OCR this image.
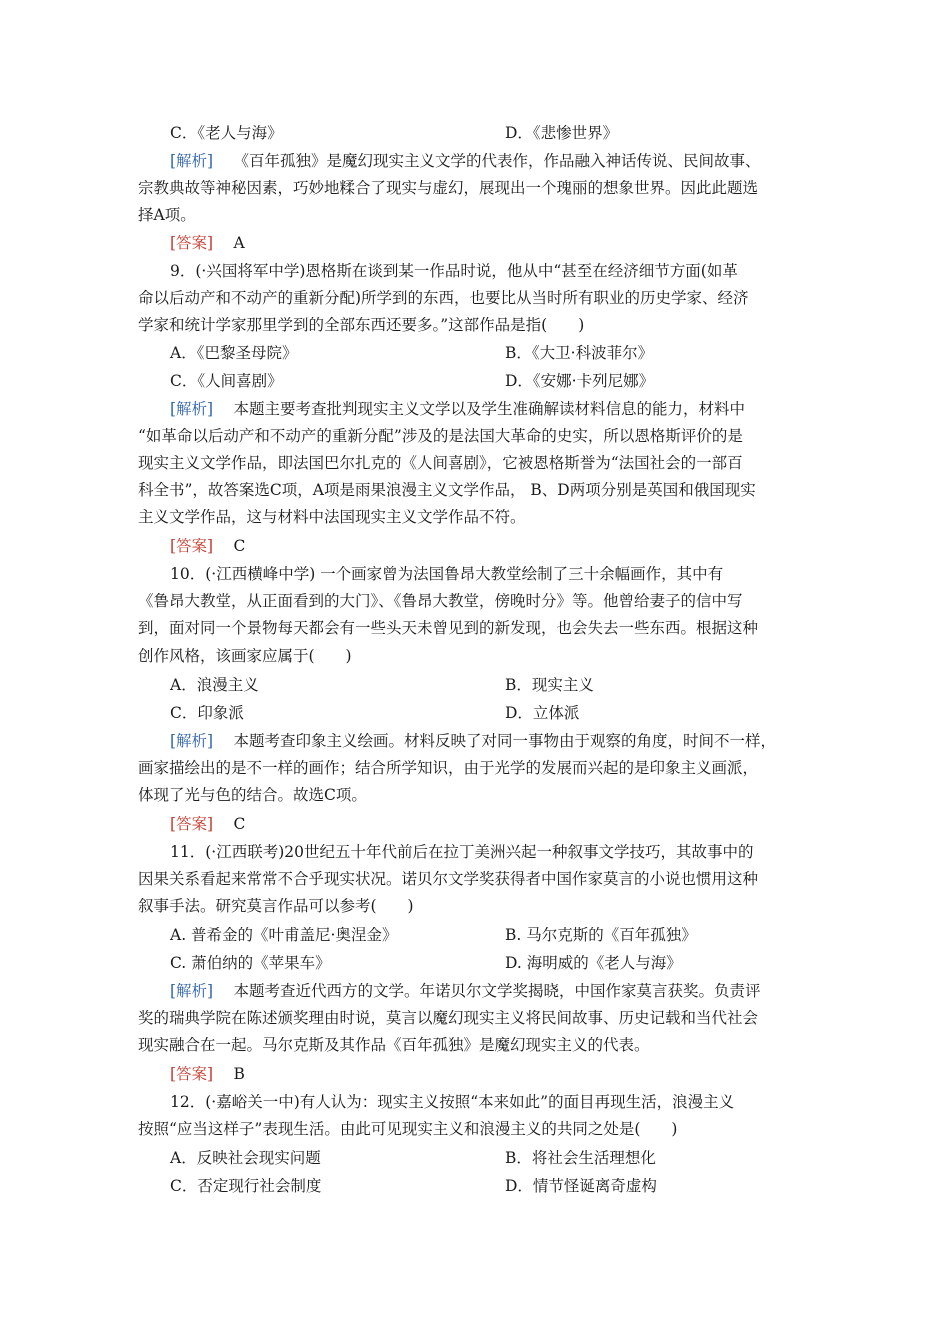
C．《老人与海》	D．《悲惨世界》
[解析]　 《百年孤独》是魔幻现实主义文学的代表作，作品融入神话传说、民间故事、
宗教典故等神秘因素，巧妙地糅合了现实与虚幻，展现出一个瑰丽的想象世界。因此此题选
择A项。
[答案]　 A
9．(·兴国将军中学)恩格斯在谈到某一作品时说，他从中“甚至在经济细节方面(如革
命以后动产和不动产的重新分配)所学到的东西，也要比从当时所有职业的历史学家、经济
学家和统计学家那里学到的全部东西还要多。”这部作品是指(　　)
A．《巴黎圣母院》	B．《大卫·科波菲尔》
C．《人间喜剧》	D．《安娜·卡列尼娜》
[解析]　 本题主要考查批判现实主义文学以及学生准确解读材料信息的能力，材料中
“如革命以后动产和不动产的重新分配”涉及的是法国大革命的史实，所以恩格斯评价的是
现实主义文学作品，即法国巴尔扎克的《人间喜剧》，它被恩格斯誉为“法国社会的一部百
科全书”，故答案选C项，A项是雨果浪漫主义文学作品， B、D两项分别是英国和俄国现实
主义文学作品，这与材料中法国现实主义文学作品不符。
[答案]　 C
10．(·江西横峰中学) 一个画家曾为法国鲁昂大教堂绘制了三十余幅画作，其中有
《鲁昂大教堂，从正面看到的大门》、《鲁昂大教堂，傍晚时分》等。他曾给妻子的信中写
到，面对同一个景物每天都会有一些头天未曾见到的新发现，也会失去一些东西。根据这种
创作风格，该画家应属于(　　)
A．浪漫主义	B．现实主义
C．印象派	D．立体派
[解析]　 本题考查印象主义绘画。材料反映了对同一事物由于观察的角度，时间不一样，
画家描绘出的是不一样的画作；结合所学知识，由于光学的发展而兴起的是印象主义画派，
体现了光与色的结合。故选C项。
[答案]　 C
11．(·江西联考)20世纪五十年代前后在拉丁美洲兴起一种叙事文学技巧，其故事中的
因果关系看起来常常不合乎现实状况。诺贝尔文学奖获得者中国作家莫言的小说也惯用这种
叙事手法。研究莫言作品可以参考(　　)
A. 普希金的《叶甫盖尼·奥涅金》	B. 马尔克斯的《百年孤独》
C. 萧伯纳的《苹果车》	D. 海明威的《老人与海》
[解析]　 本题考查近代西方的文学。年诺贝尔文学奖揭晓，中国作家莫言获奖。负责评
奖的瑞典学院在陈述颁奖理由时说，莫言以魔幻现实主义将民间故事、历史记载和当代社会
现实融合在一起。马尔克斯及其作品《百年孤独》是魔幻现实主义的代表。
[答案]　 B
12．(·嘉峪关一中)有人认为：现实主义按照“本来如此”的面目再现生活，浪漫主义
按照“应当这样子”表现生活。由此可见现实主义和浪漫主义的共同之处是(　　)
A．反映社会现实问题	B．将社会生活理想化
C．否定现行社会制度	D．情节怪诞离奇虚构
